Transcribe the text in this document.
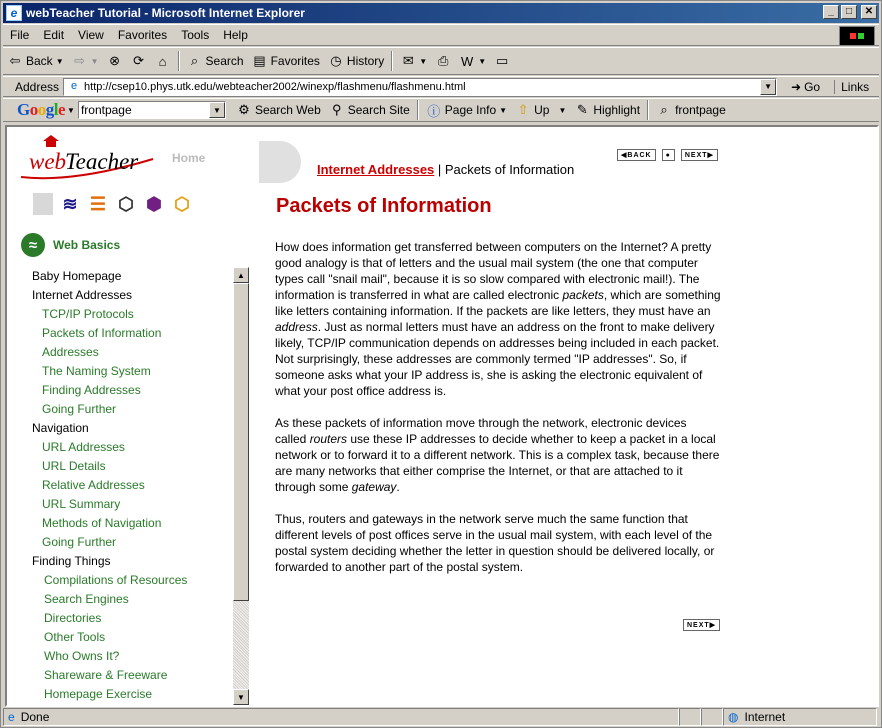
e webTeacher Tutorial - Microsoft Internet Explorer	_	□	✕
File	Edit	View	Favorites	Tools	Help
⇦ Back ▼ ⇨ ▼ ⊗ ⟳	⌂	⌕ Search ▤ Favorites ◷ History ✉ ▼ ⎙ W ▼ ▭
Address	e http://csep10.phys.utk.edu/webteacher2002/winexp/flashmenu/flashmenu.html	▼	➜ Go	Links
Google ▼ frontpage	▼	⚙ Search Web ⚲ Search Site ⓘ Page Info ▼ ⇧ Up ▼ ✎ Highlight	⌕ frontpage
web
Teacher	Home
≋ ☰ ⬡ ⬢ ⬡
≈	Web Basics
Baby Homepage
Internet Addresses
TCP/IP Protocols
Packets of Information
Addresses
The Naming System
Finding Addresses
Going Further
Navigation
URL Addresses
URL Details
Relative Addresses
URL Summary
Methods of Navigation
Going Further
Finding Things
Compilations of Resources
Search Engines
Directories
Other Tools
Who Owns It?
Shareware & Freeware
Homepage Exercise
▲
▼
Internet Addresses | Packets of Information
◀ BACK ● NEXT ▶
Packets of Information

How does information get transferred between computers on the Internet? A pretty good analogy is that of letters and the usual mail system (the one that computer types call "snail mail", because it is so slow compared with electronic mail!). The information is transferred in what are called electronic packets, which are something like letters containing information. If the packets are like letters, they must have an address. Just as normal letters must have an address on the front to make delivery likely, TCP/IP communication depends on addresses being included in each packet. Not surprisingly, these addresses are commonly termed "IP addresses". So, if someone asks what your IP address is, she is asking the electronic equivalent of what your post office address is.

As these packets of information move through the network, electronic devices called routers use these IP addresses to decide whether to keep a packet in a local network or to forward it to a different network. This is a complex task, because there are many networks that either comprise the Internet, or that are attached to it through some gateway.

Thus, routers and gateways in the network serve much the same function that different levels of post offices serve in the usual mail system, with each level of the postal system deciding whether the letter in question should be delivered locally, or forwarded to another part of the postal system.

NEXT ▶
e Done	◍ Internet
